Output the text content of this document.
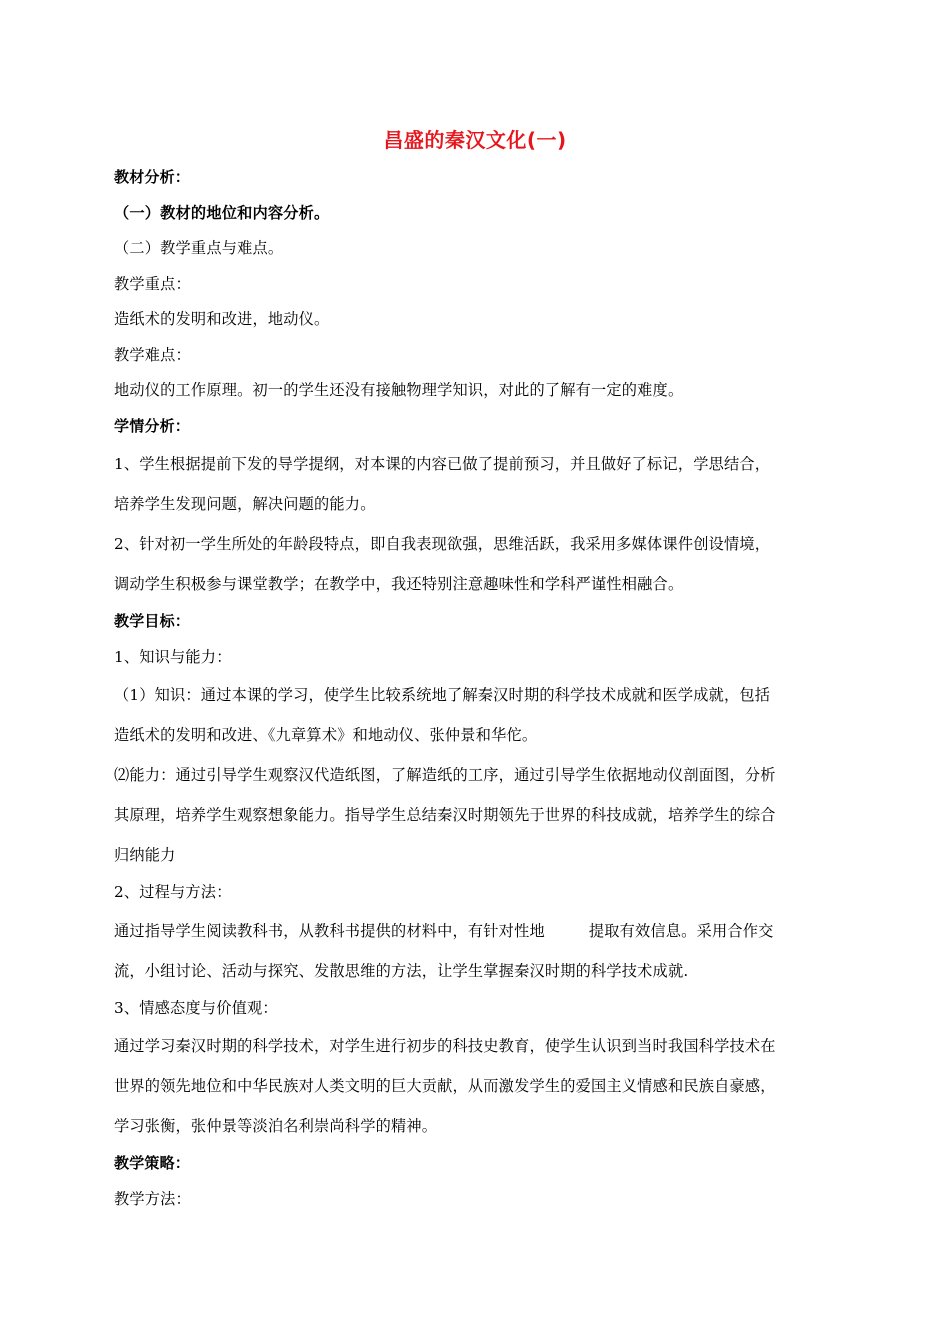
昌盛的秦汉文化(一)
教材分析：
（一）教材的地位和内容分析。
（二）教学重点与难点。
教学重点：
造纸术的发明和改进，地动仪。
教学难点：
地动仪的工作原理。初一的学生还没有接触物理学知识，对此的了解有一定的难度。
学情分析：
1、学生根据提前下发的导学提纲，对本课的内容已做了提前预习，并且做好了标记，学思结合，
培养学生发现问题，解决问题的能力。
2、针对初一学生所处的年龄段特点，即自我表现欲强，思维活跃，我采用多媒体课件创设情境，
调动学生积极参与课堂教学；在教学中，我还特别注意趣味性和学科严谨性相融合。
教学目标：
1、知识与能力：
（1）知识：通过本课的学习，使学生比较系统地了解秦汉时期的科学技术成就和医学成就，包括
造纸术的发明和改进、《九章算术》和地动仪、张仲景和华佗。
⑵能力：通过引导学生观察汉代造纸图，了解造纸的工序，通过引导学生依据地动仪剖面图，分析
其原理，培养学生观察想象能力。指导学生总结秦汉时期领先于世界的科技成就，培养学生的综合
归纳能力
2、过程与方法：
通过指导学生阅读教科书，从教科书提供的材料中，有针对性地	提取有效信息。采用合作交
流，小组讨论、活动与探究、发散思维的方法，让学生掌握秦汉时期的科学技术成就.
3、情感态度与价值观：
通过学习秦汉时期的科学技术，对学生进行初步的科技史教育，使学生认识到当时我国科学技术在
世界的领先地位和中华民族对人类文明的巨大贡献，从而激发学生的爱国主义情感和民族自豪感，
学习张衡，张仲景等淡泊名利崇尚科学的精神。
教学策略：
教学方法：
